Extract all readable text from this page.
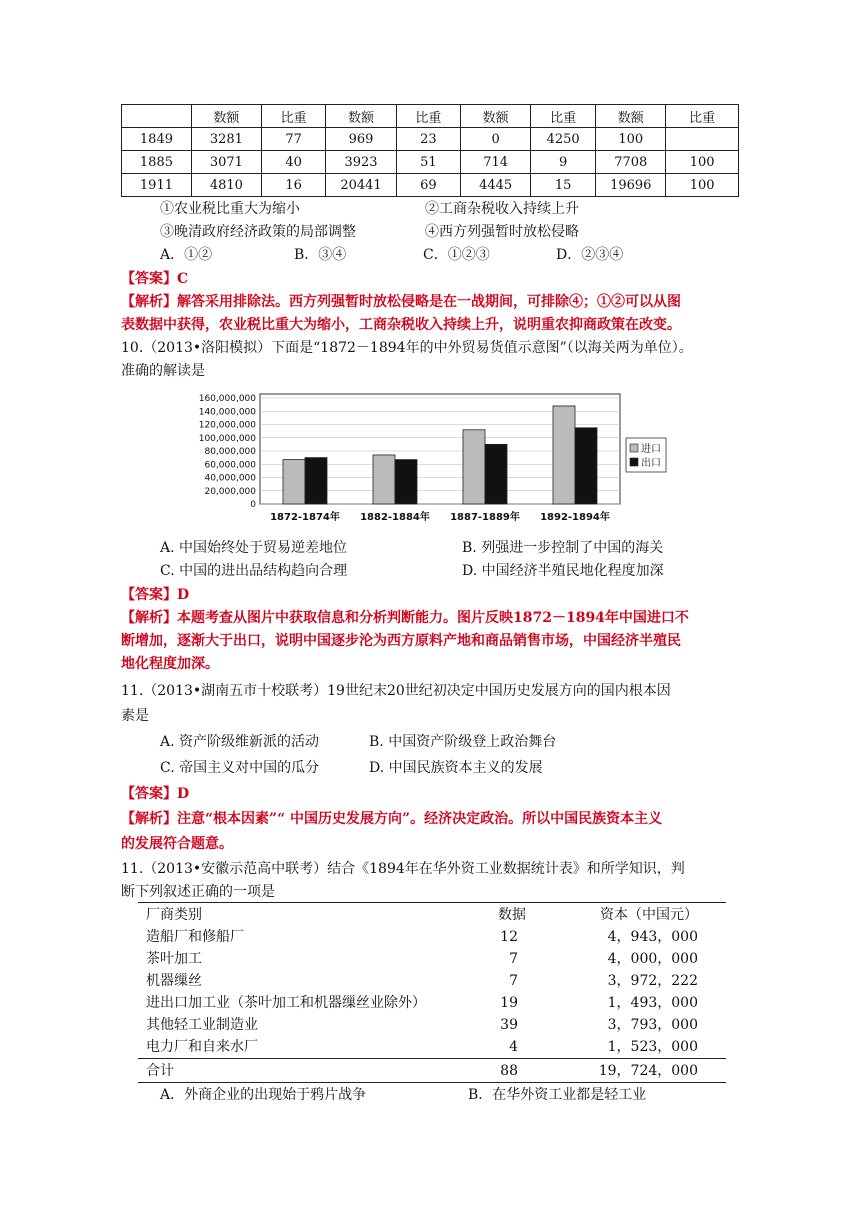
	数额	比重	数额	比重	数额	比重	数额	比重
1849	3281	77	969	23	0	4250	100	
1885	3071	40	3923	51	714	9	7708	100
1911	4810	16	20441	69	4445	15	19696	100
①农业税比重大为缩小	②工商杂税收入持续上升
③晚清政府经济政策的局部调整	④西方列强暂时放松侵略
A．①②	B．③④	C．①②③	D．②③④
【答案】C
【解析】解答采用排除法。西方列强暂时放松侵略是在一战期间，可排除④；①②可以从图
表数据中获得，农业税比重大为缩小，工商杂税收入持续上升，说明重农抑商政策在改变。
10.（2013•洛阳模拟）下面是“1872－1894年的中外贸易货值示意图”（以海关两为单位）。
准确的解读是
160,000,000
140,000,000
120,000,000
100,000,000
80,000,000
60,000,000
40,000,000
20,000,000
0
1872-1874年 1882-1884年 1887-1889年 1892-1894年
进口
出口
A. 中国始终处于贸易逆差地位	B. 列强进一步控制了中国的海关
C. 中国的进出品结构趋向合理	D. 中国经济半殖民地化程度加深
【答案】D
【解析】本题考查从图片中获取信息和分析判断能力。图片反映1872－1894年中国进口不
断增加，逐渐大于出口，说明中国逐步沦为西方原料产地和商品销售市场，中国经济半殖民
地化程度加深。
11.（2013•湖南五市十校联考）19世纪末20世纪初决定中国历史发展方向的国内根本因
素是
A. 资产阶级维新派的活动	B. 中国资产阶级登上政治舞台
C. 帝国主义对中国的瓜分	D. 中国民族资本主义的发展
【答案】D
【解析】注意“根本因素”“ 中国历史发展方向”。经济决定政治。所以中国民族资本主义
的发展符合题意。
11.（2013•安徽示范高中联考）结合《1894年在华外资工业数据统计表》和所学知识，判
断下列叙述正确的一项是
厂商类别	数据	资本（中国元）
造船厂和修船厂	12	4，943，000
茶叶加工	7	4，000，000
机器缫丝	7	3，972，222
进出口加工业（茶叶加工和机器缫丝业除外）	19	1，493，000
其他轻工业制造业	39	3，793，000
电力厂和自来水厂	4	1，523，000
合计	88	19，724，000
A．外商企业的出现始于鸦片战争	B．在华外资工业都是轻工业
